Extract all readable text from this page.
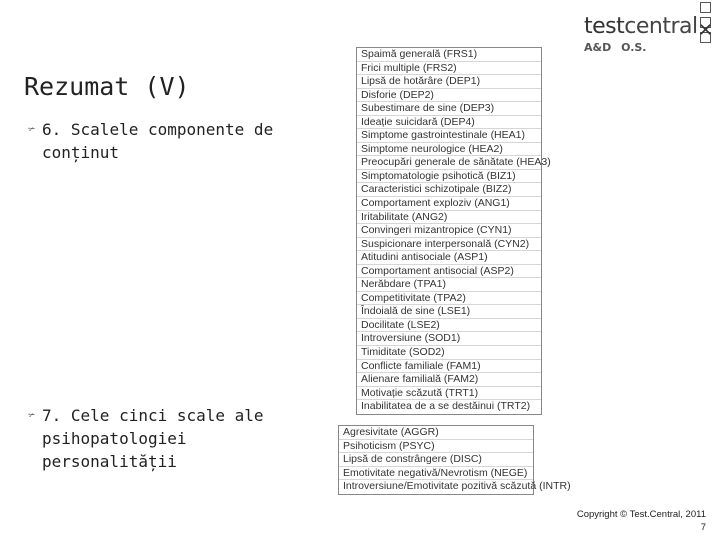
testcentral
A&D O.S.
✕
Rezumat (V)
✃ 6. Scalele componente de conținut
✃ 7. Cele cinci scale ale psihopatologiei personalității
Spaimă generală (FRS1)
Frici multiple (FRS2)
Lipsă de hotărâre (DEP1)
Disforie (DEP2)
Subestimare de sine (DEP3)
Ideație suicidară (DEP4)
Simptome gastrointestinale (HEA1)
Simptome neurologice (HEA2)
Preocupări generale de sănătate (HEA3)
Simptomatologie psihotică (BIZ1)
Caracteristici schizotipale (BIZ2)
Comportament exploziv (ANG1)
Iritabilitate (ANG2)
Convingeri mizantropice (CYN1)
Suspicionare interpersonală (CYN2)
Atitudini antisociale (ASP1)
Comportament antisocial (ASP2)
Nerăbdare (TPA1)
Competitivitate (TPA2)
Îndoială de sine (LSE1)
Docilitate (LSE2)
Introversiune (SOD1)
Timiditate (SOD2)
Conflicte familiale (FAM1)
Alienare familială (FAM2)
Motivație scăzută (TRT1)
Inabilitatea de a se destăinui (TRT2)
Agresivitate (AGGR)
Psihoticism (PSYC)
Lipsă de constrângere (DISC)
Emotivitate negativă/Nevrotism (NEGE)
Introversiune/Emotivitate pozitivă scăzută (INTR)
Copyright © Test.Central, 2011
7
